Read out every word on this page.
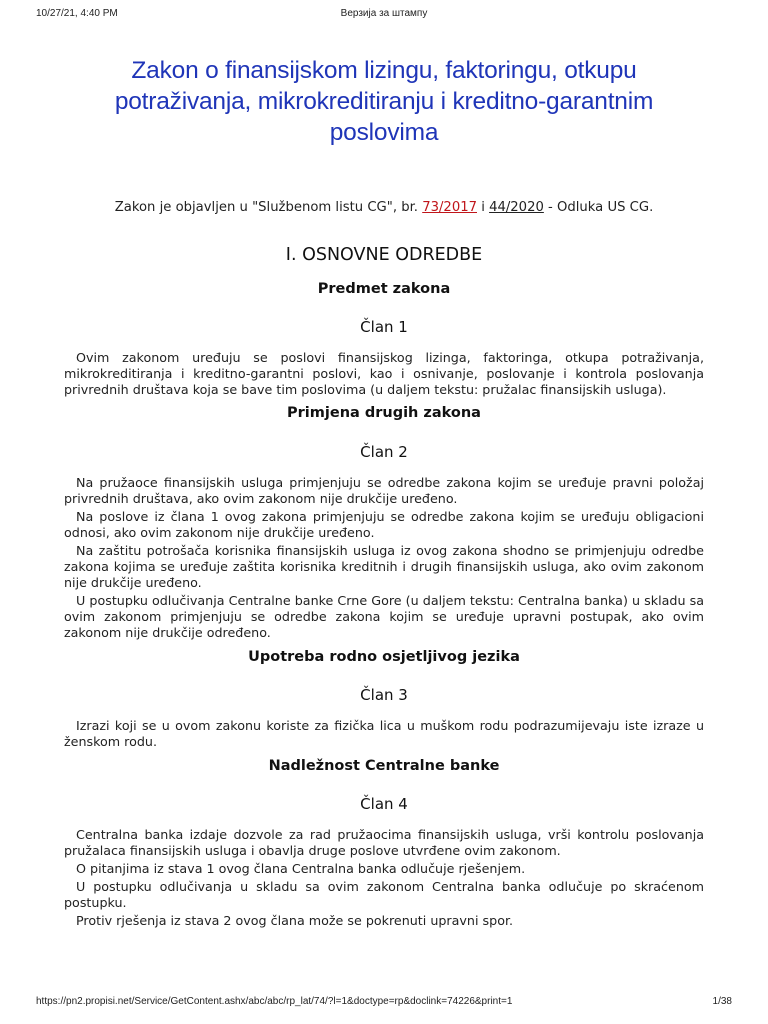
10/27/21, 4:40 PM	Верзија за штампу
Zakon o finansijskom lizingu, faktoringu, otkupu potraživanja, mikrokreditiranju i kreditno-garantnim poslovima

Zakon je objavljen u "Službenom listu CG", br. 73/2017 i 44/2020 - Odluka US CG.

I. OSNOVNE ODREDBE
Predmet zakona
Član 1

Ovim zakonom uređuju se poslovi finansijskog lizinga, faktoringa, otkupa potraživanja, mikrokreditiranja i kreditno-garantni poslovi, kao i osnivanje, poslovanje i kontrola poslovanja privrednih društava koja se bave tim poslovima (u daljem tekstu: pružalac finansijskih usluga).

Primjena drugih zakona
Član 2

Na pružaoce finansijskih usluga primjenjuju se odredbe zakona kojim se uređuje pravni položaj privrednih društava, ako ovim zakonom nije drukčije uređeno.

Na poslove iz člana 1 ovog zakona primjenjuju se odredbe zakona kojim se uređuju obligacioni odnosi, ako ovim zakonom nije drukčije uređeno.

Na zaštitu potrošača korisnika finansijskih usluga iz ovog zakona shodno se primjenjuju odredbe zakona kojima se uređuje zaštita korisnika kreditnih i drugih finansijskih usluga, ako ovim zakonom nije drukčije uređeno.

U postupku odlučivanja Centralne banke Crne Gore (u daljem tekstu: Centralna banka) u skladu sa ovim zakonom primjenjuju se odredbe zakona kojim se uređuje upravni postupak, ako ovim zakonom nije drukčije određeno.

Upotreba rodno osjetljivog jezika
Član 3

Izrazi koji se u ovom zakonu koriste za fizička lica u muškom rodu podrazumijevaju iste izraze u ženskom rodu.

Nadležnost Centralne banke
Član 4

Centralna banka izdaje dozvole za rad pružaocima finansijskih usluga, vrši kontrolu poslovanja pružalaca finansijskih usluga i obavlja druge poslove utvrđene ovim zakonom.

O pitanjima iz stava 1 ovog člana Centralna banka odlučuje rješenjem.

U postupku odlučivanja u skladu sa ovim zakonom Centralna banka odlučuje po skraćenom postupku.

Protiv rješenja iz stava 2 ovog člana može se pokrenuti upravni spor.

https://pn2.propisi.net/Service/GetContent.ashx/abc/abc/rp_lat/74/?l=1&doctype=rp&doclink=74226&print=1	1/38
